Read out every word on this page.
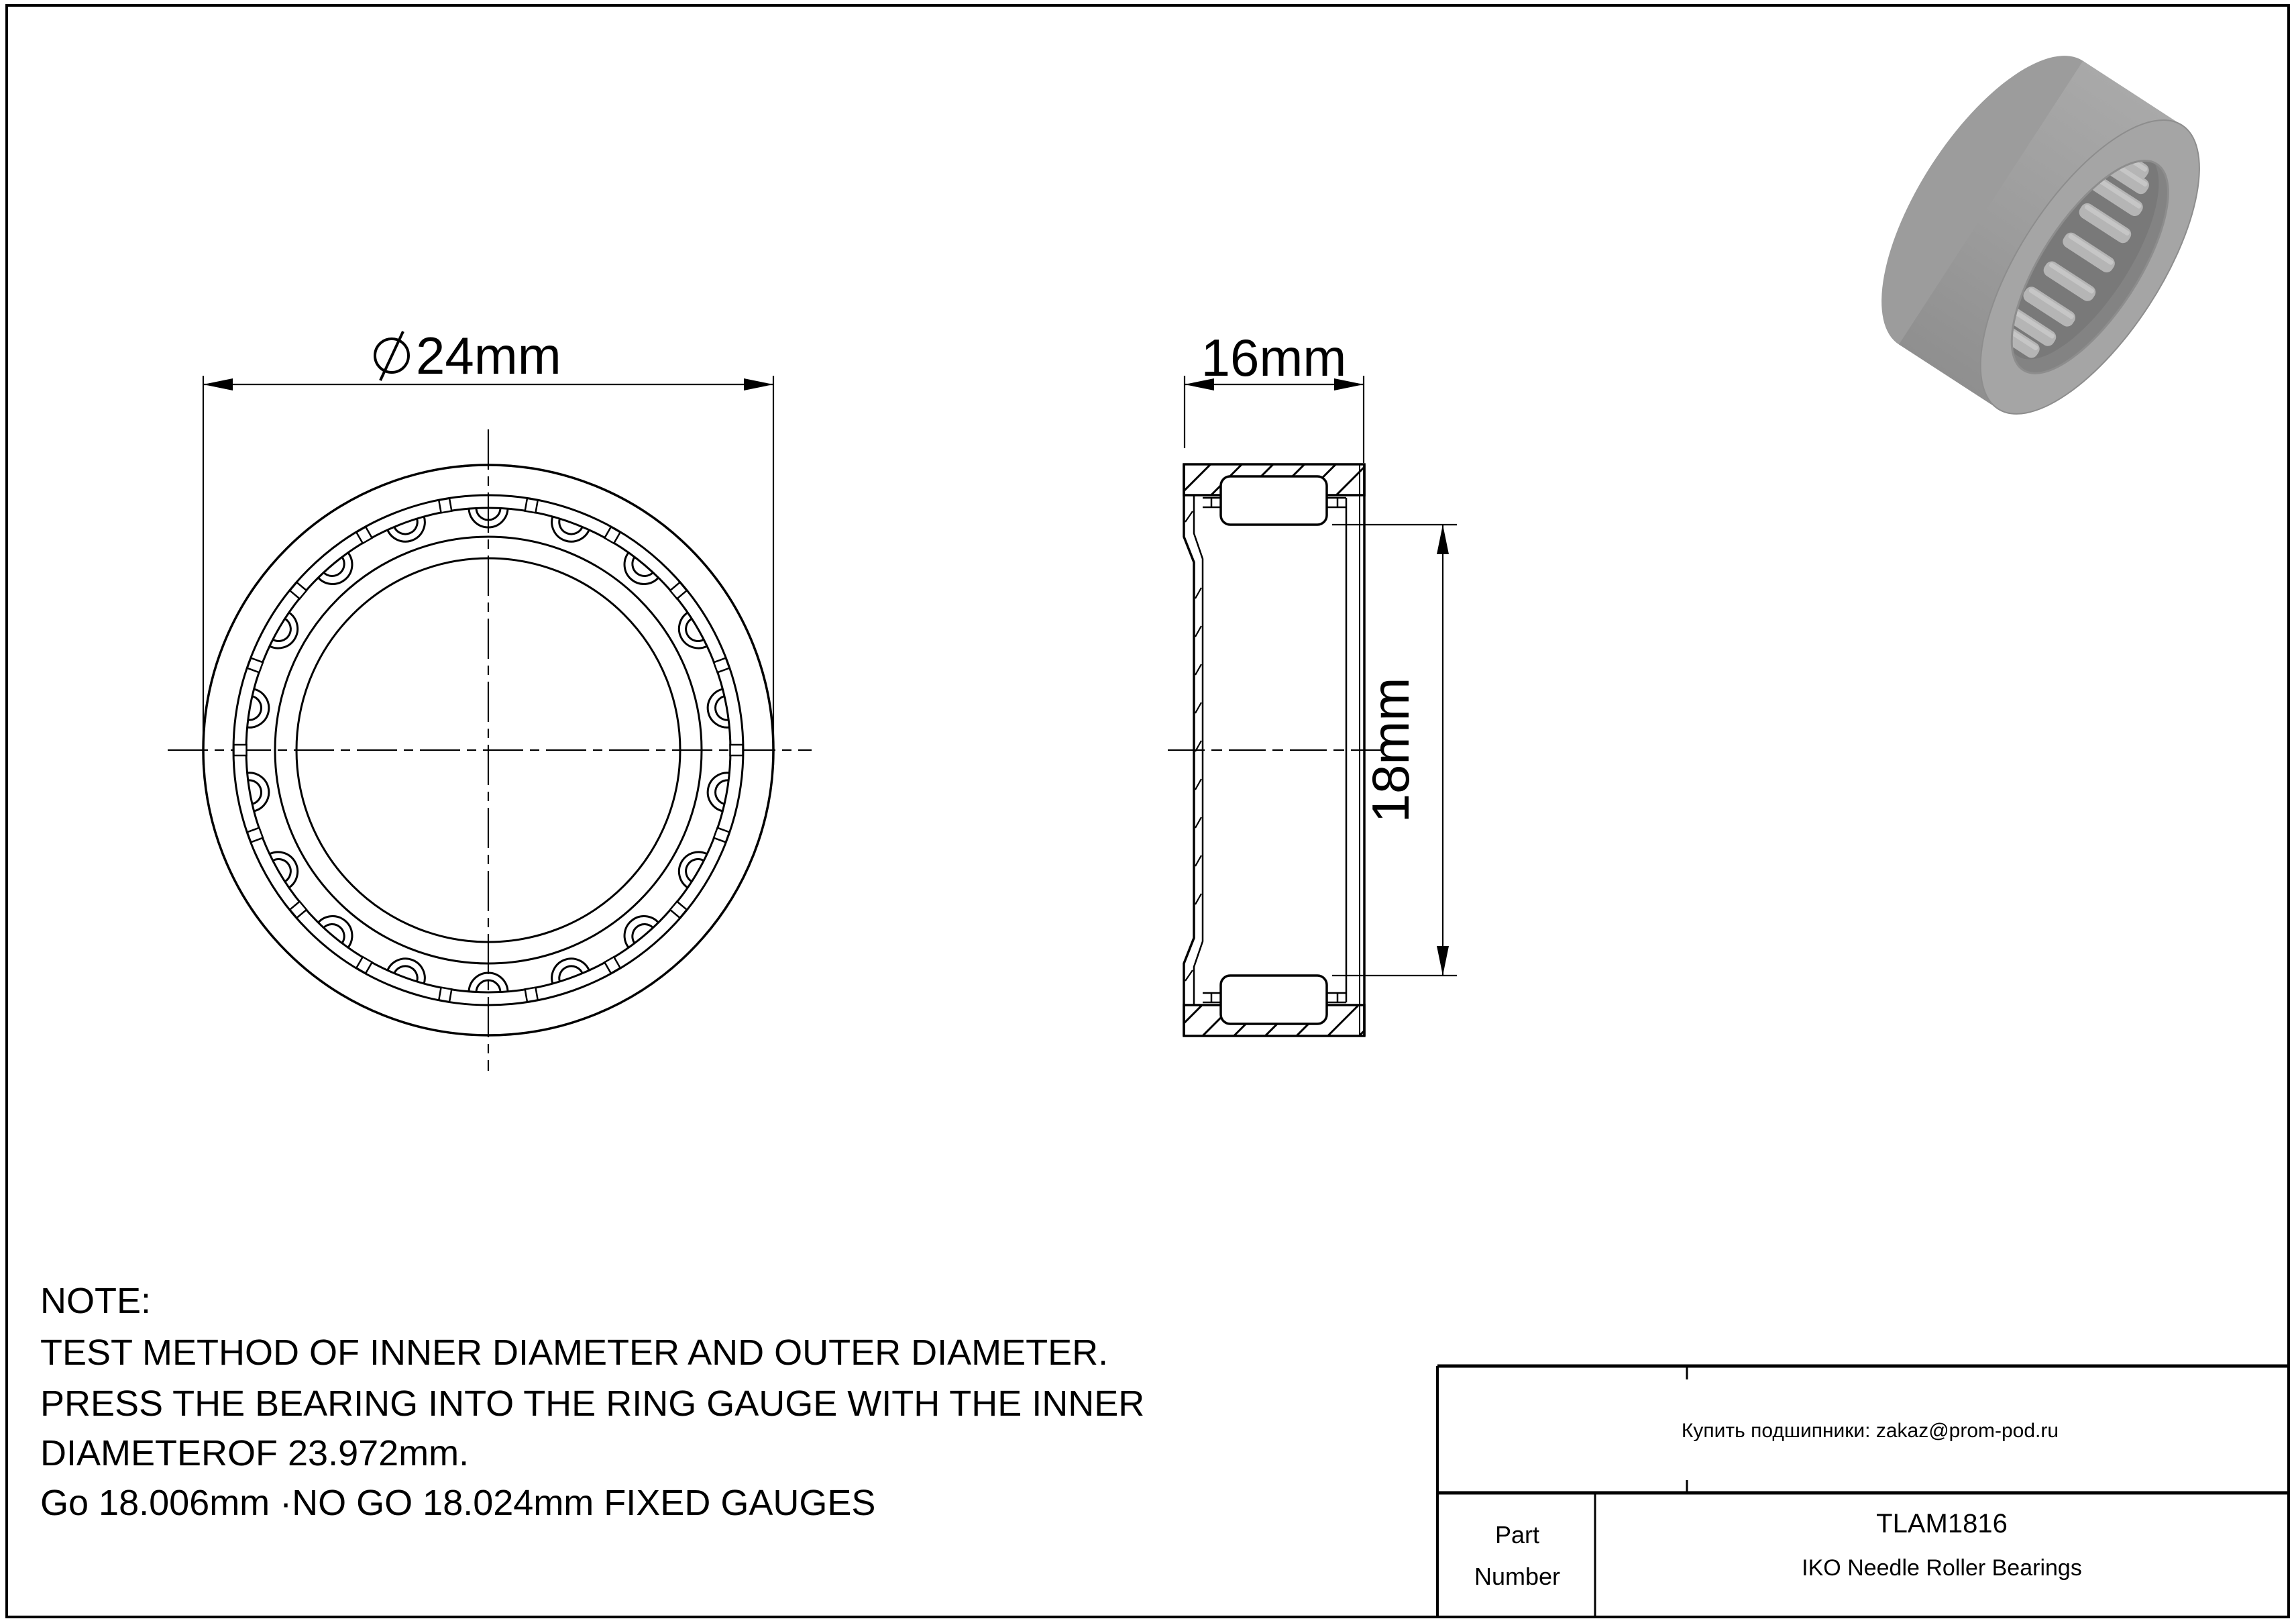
24mm	16mm
18mm
NOTE:
TEST METHOD OF INNER DIAMETER AND OUTER DIAMETER.
PRESS THE BEARING INTO THE RING GAUGE WITH THE INNER
DIAMETEROF 23.972mm.
Go 18.006mm ·NO GO 18.024mm FIXED GAUGES
Купить подшипники: zakaz@prom-pod.ru
Part
Number
TLAM1816
IKO Needle Roller Bearings
